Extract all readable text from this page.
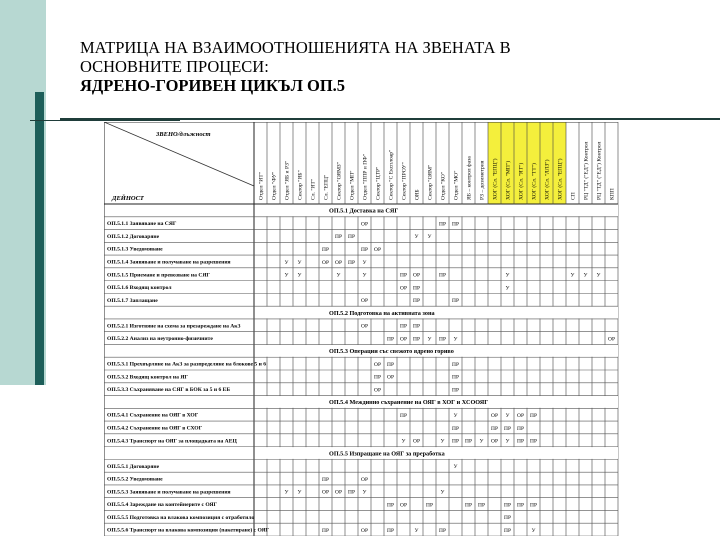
МАТРИЦА НА ВЗАИМООТНОШЕНИЯТА НА ЗВЕНАТА В
ОСНОВНИТЕ ПРОЦЕСИ:
ЯДРЕНО-ГОРИВЕН ЦИКЪЛ ОП.5
ЗВЕНО/длъжност
ДЕЙНОСТ	Отдел "ИТ" Отдел "ФУ" Отдел "ЯБ и РЗ" Сектор "ЯБ" Сл. "ЯТ" Сл. "ЕПЦ" Сектор "ОЯМЗ" Отдел "МП" Отдел "ППР и ПФ" Сектор "ЦТР" Сектор "С Експлоар" Сектор "ПРОУ" ОЯБ Сектор "ОЯМ" Отдел "КО" Отдел "МО" ЯБ – контрол фаза РЗ – дозиметрия ХОГ (Сл. "ЕПЦ") ХОГ (Сл. "МП") ХОГ (Сл. "ЯТ") ХОГ (Сл. "ТТ") ХОГ (Сл. "ЛЛЗ") ХОГ (Сл. "ЕПЦ") СП РЦ "ТД" ("ЕД") Контрол РЦ "ТД" ("ЕД") Контрол КПП
ОП.5.1 Доставка на СЯГ
ОП.5.1.1 Заявяване на СЯГ	ОР	ПР ПР
ОП.5.1.2 Договаряне	ПР ПР	У У
ОП.5.1.3 Уведомяване	ПР	ПР ОР
ОП.5.1.4 Заявяване и получаване на разрешения	У У	ОР ОР ПР У
ОП.5.1.5 Приемане и превозване на СЯГ	У У	У	У	ПР ОР	ПР	У	У У У
ОП.5.1.6 Входящ контрол	ОР ПР	У
ОП.5.1.7 Заплащане	ОР	ПР	ПР
ОП.5.2 Подготовка на активната зона
ОП.5.2.1 Изготвяне на схема за презареждане на АкЗ	ОР	ПР ПР
ОП.5.2.2 Анализ на неутронно-физичните	ПР ОР ПР У ПР У	ОР
ОП.5.3 Операции със свежото ядрено гориво
ОП.5.3.1 Прехвърляне на АкЗ за разпределяне на блокове 5 и 6	ОР ПР	ПР
ОП.5.3.2 Входящ контрол на ЯГ	ПР ОР	ПР
ОП.5.3.3 Съхраняване на СЯГ в БОК за 5 и 6 ЕБ	ОР	ПР
ОП.5.4 Междинно съхранение на ОЯГ в ХОГ и ХСООЯГ
ОП.5.4.1 Съхранение на ОЯГ в ХОГ	ПР	У	ОР У ОР ПР
ОП.5.4.2 Съхранение на ОЯГ в СХОГ	ПР	ПР ПР ПР
ОП.5.4.3 Транспорт на ОЯГ за площадката на АЕЦ	У ОР	У ПР ПР У ОР У ПР ПР
ОП.5.5 Изпращане на ОЯГ за преработка
ОП.5.5.1 Договаряне	У
ОП.5.5.2 Уведомяване	ПР	ОР
ОП.5.5.3 Заявяване и получаване на разрешения	У У	ОР ОР ПР У	У
ОП.5.5.4 Зареждане на контейнерите с ОЯГ	ПР ОР	ПР	ПР ПР	ПР ПР ПР
ОП.5.5.5 Подготовка на влакова композиция с отработило	ПР
ОП.5.5.6 Транспорт на влакова композиция (пакетиране) с ОЯГ	ПР	ОР	ПР	У	ПР	ПР	У
